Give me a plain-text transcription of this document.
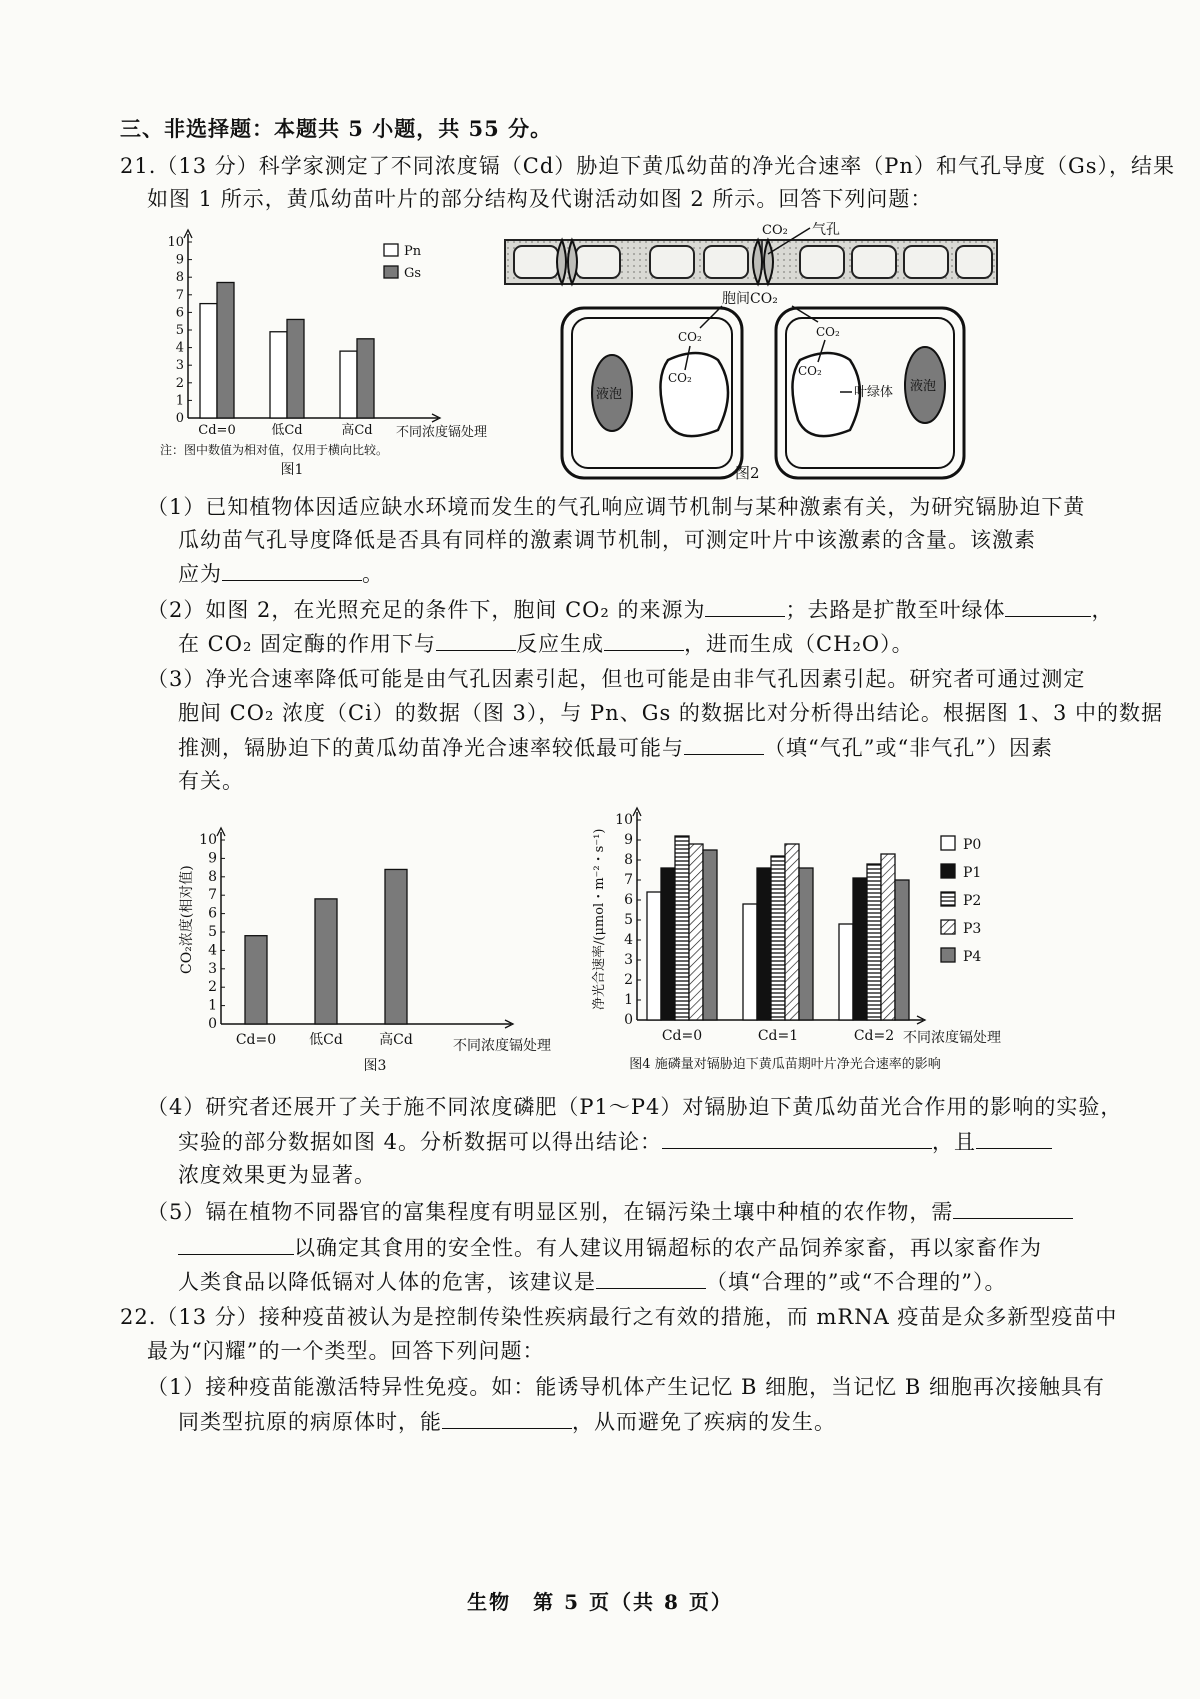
三、非选择题：本题共 5 小题，共 55 分。
21.（13 分）科学家测定了不同浓度镉（Cd）胁迫下黄瓜幼苗的净光合速率（Pn）和气孔导度（Gs），结果
如图 1 所示，黄瓜幼苗叶片的部分结构及代谢活动如图 2 所示。回答下列问题：
0
1
2
3
4
5
6
7
8
9
10
Cd=0	低Cd	高Cd 不同浓度镉处理
Pn
Gs
注：图中数值为相对值，仅用于横向比较。
图1
CO₂ 气孔
胞间CO₂
液泡
CO₂
CO₂
CO₂
CO₂
液泡
叶绿体
图2
（1）已知植物体因适应缺水环境而发生的气孔响应调节机制与某种激素有关，为研究镉胁迫下黄
瓜幼苗气孔导度降低是否具有同样的激素调节机制，可测定叶片中该激素的含量。该激素
应为	。
（2）如图 2，在光照充足的条件下，胞间 CO₂ 的来源为	；去路是扩散至叶绿体	，
在 CO₂ 固定酶的作用下与	反应生成	，进而生成（CH₂O）。
（3）净光合速率降低可能是由气孔因素引起，但也可能是由非气孔因素引起。研究者可通过测定
胞间 CO₂ 浓度（Ci）的数据（图 3），与 Pn、Gs 的数据比对分析得出结论。根据图 1、3 中的数据
推测，镉胁迫下的黄瓜幼苗净光合速率较低最可能与	（填“气孔”或“非气孔”）因素
有关。
0
1
2
3
4
5
6
7
8
9
10
Cd=0 低Cd	高Cd	不同浓度镉处理
CO₂浓度(相对值)
图3
0
1
2
3
4
5
6
7
8
9
10
Cd=0	Cd=1	Cd=2 不同浓度镉处理
净光合速率/(μmol・m⁻²・s⁻¹)	P0
P1
P2
P3
P4
图4 施磷量对镉胁迫下黄瓜苗期叶片净光合速率的影响
（4）研究者还展开了关于施不同浓度磷肥（P1～P4）对镉胁迫下黄瓜幼苗光合作用的影响的实验，
实验的部分数据如图 4。分析数据可以得出结论：	，且
浓度效果更为显著。
（5）镉在植物不同器官的富集程度有明显区别，在镉污染土壤中种植的农作物，需
以确定其食用的安全性。有人建议用镉超标的农产品饲养家畜，再以家畜作为
人类食品以降低镉对人体的危害，该建议是	（填“合理的”或“不合理的”）。
22.（13 分）接种疫苗被认为是控制传染性疾病最行之有效的措施，而 mRNA 疫苗是众多新型疫苗中
最为“闪耀”的一个类型。回答下列问题：
（1）接种疫苗能激活特异性免疫。如：能诱导机体产生记忆 B 细胞，当记忆 B 细胞再次接触具有
同类型抗原的病原体时，能	，从而避免了疾病的发生。
生物　第 5 页（共 8 页）
